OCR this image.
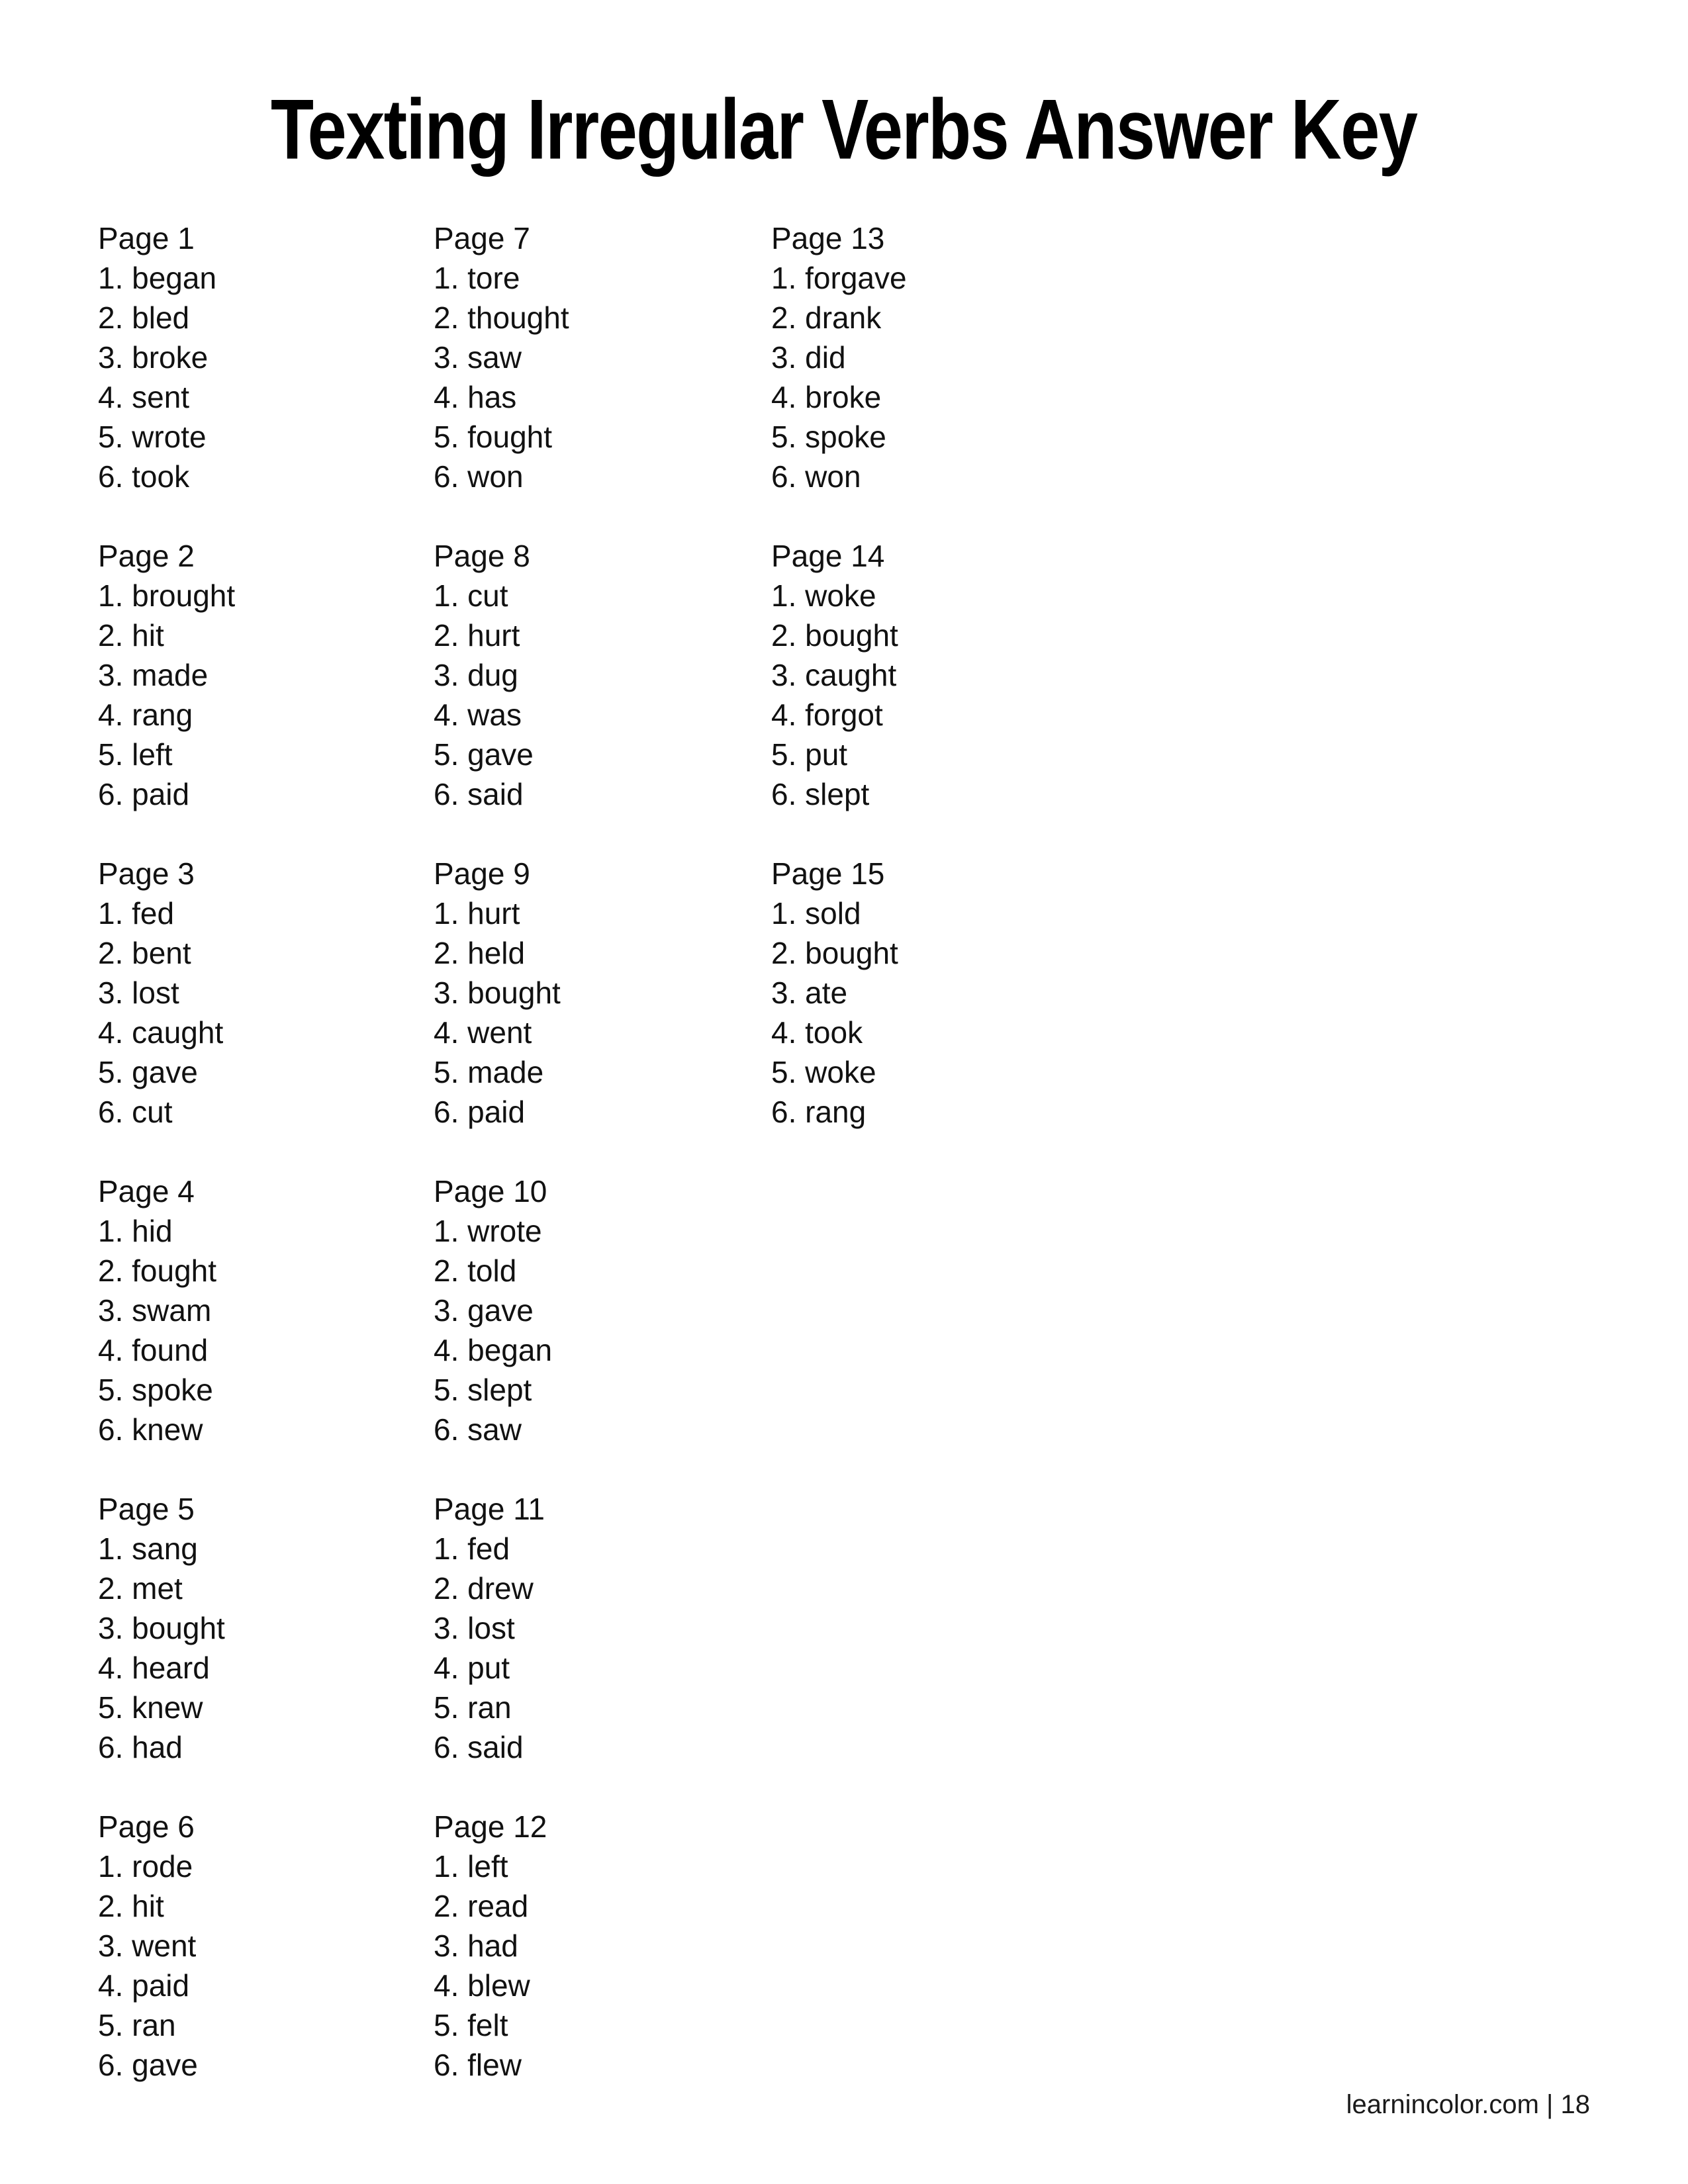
Texting Irregular Verbs Answer Key
Page 1
1. began
2. bled
3. broke
4. sent
5. wrote
6. took
Page 2
1. brought
2. hit
3. made
4. rang
5. left
6. paid
Page 3
1. fed
2. bent
3. lost
4. caught
5. gave
6. cut
Page 4
1. hid
2. fought
3. swam
4. found
5. spoke
6. knew
Page 5
1. sang
2. met
3. bought
4. heard
5. knew
6. had
Page 6
1. rode
2. hit
3. went
4. paid
5. ran
6. gave
Page 7
1. tore
2. thought
3. saw
4. has
5. fought
6. won
Page 8
1. cut
2. hurt
3. dug
4. was
5. gave
6. said
Page 9
1. hurt
2. held
3. bought
4. went
5. made
6. paid
Page 10
1. wrote
2. told
3. gave
4. began
5. slept
6. saw
Page 11
1. fed
2. drew
3. lost
4. put
5. ran
6. said
Page 12
1. left
2. read
3. had
4. blew
5. felt
6. flew
Page 13
1. forgave
2. drank
3. did
4. broke
5. spoke
6. won
Page 14
1. woke
2. bought
3. caught
4. forgot
5. put
6. slept
Page 15
1. sold
2. bought
3. ate
4. took
5. woke
6. rang
learnincolor.com | 18
